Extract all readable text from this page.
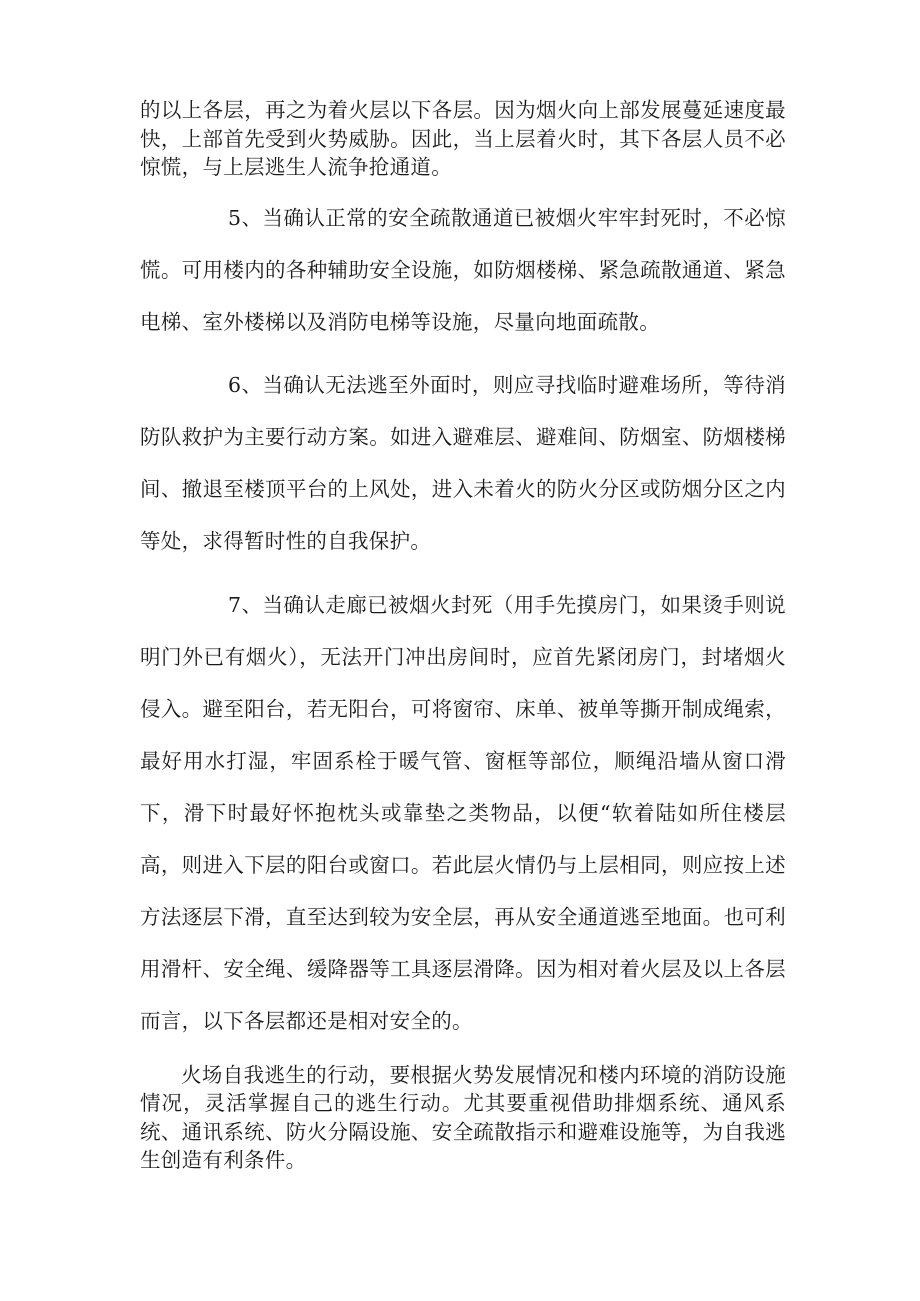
的以上各层，再之为着火层以下各层。因为烟火向上部发展蔓延速度最快，上部首先受到火势威胁。因此，当上层着火时，其下各层人员不必惊慌，与上层逃生人流争抢通道。

5、当确认正常的安全疏散通道已被烟火牢牢封死时，不必惊慌。可用楼内的各种辅助安全设施，如防烟楼梯、紧急疏散通道、紧急电梯、室外楼梯以及消防电梯等设施，尽量向地面疏散。

6、当确认无法逃至外面时，则应寻找临时避难场所，等待消防队救护为主要行动方案。如进入避难层、避难间、防烟室、防烟楼梯间、撤退至楼顶平台的上风处，进入未着火的防火分区或防烟分区之内等处，求得暂时性的自我保护。

7、当确认走廊已被烟火封死（用手先摸房门，如果烫手则说明门外已有烟火），无法开门冲出房间时，应首先紧闭房门，封堵烟火侵入。避至阳台，若无阳台，可将窗帘、床单、被单等撕开制成绳索，最好用水打湿，牢固系栓于暖气管、窗框等部位，顺绳沿墙从窗口滑下，滑下时最好怀抱枕头或靠垫之类物品，以便“软着陆如所住楼层高，则进入下层的阳台或窗口。若此层火情仍与上层相同，则应按上述方法逐层下滑，直至达到较为安全层，再从安全通道逃至地面。也可利用滑杆、安全绳、缓降器等工具逐层滑降。因为相对着火层及以上各层而言，以下各层都还是相对安全的。

火场自我逃生的行动，要根据火势发展情况和楼内环境的消防设施情况，灵活掌握自己的逃生行动。尤其要重视借助排烟系统、通风系统、通讯系统、防火分隔设施、安全疏散指示和避难设施等，为自我逃生创造有利条件。
